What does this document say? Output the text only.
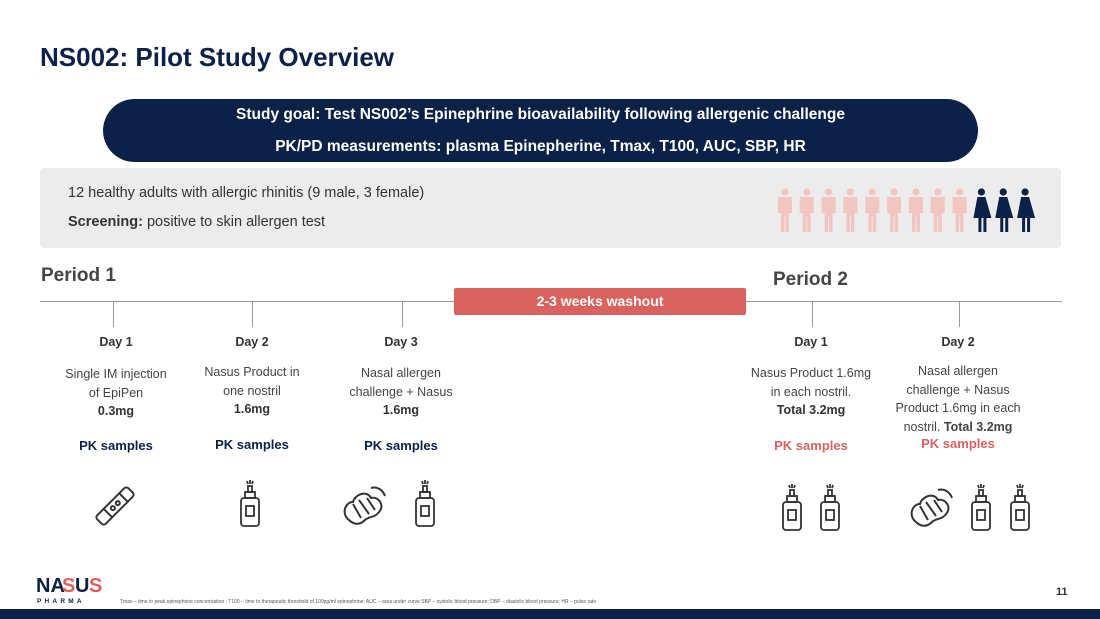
NS002: Pilot Study Overview
Study goal: Test NS002’s Epinephrine bioavailability following allergenic challenge
PK/PD measurements: plasma Epinepherine, Tmax, T100, AUC, SBP, HR
12 healthy adults with allergic rhinitis (9 male, 3 female)
Screening: positive to skin allergen test
Period 1	Period 2
2-3 weeks washout
Day 1
Single IM injection
of EpiPen
0.3mg
PK samples
Day 2
Nasus Product in
one nostril
1.6mg
PK samples
Day 3
Nasal allergen
challenge + Nasus
1.6mg
PK samples
Day 1
Nasus Product 1.6mg
in each nostril.
Total 3.2mg
PK samples
Day 2
Nasal allergen
challenge + Nasus
Product 1.6mg in each
nostril. Total 3.2mg
PK samples
NA
S U S
PHARMA	Tmax – time to peak epinephrine concentration ; T100 – time to therapeutic threshold of 100pg/ml epinephrine; AUC – area under curve SBP – systolic blood pressure; DBP – diastolic blood pressure; HR – pulse rate
11
